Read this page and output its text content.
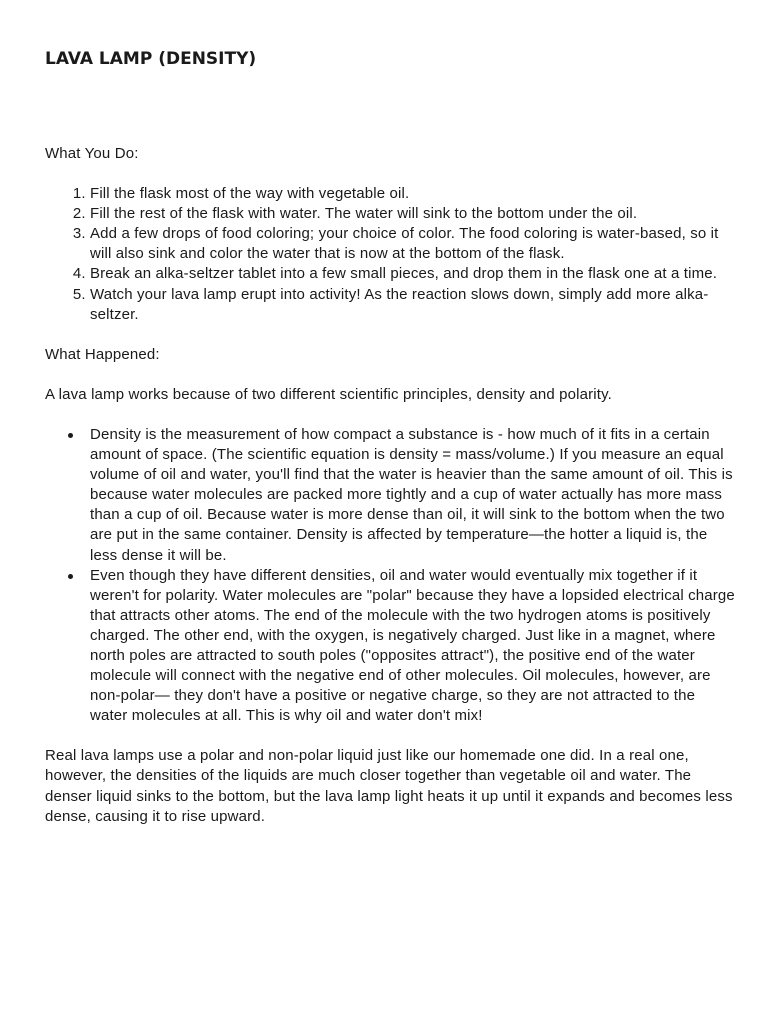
LAVA LAMP (DENSITY)

What You Do:

1. Fill the flask most of the way with vegetable oil.
2. Fill the rest of the flask with water. The water will sink to the bottom under the oil.
3. Add a few drops of food coloring; your choice of color. The food coloring is water-based, so it will also sink and color the water that is now at the bottom of the flask.
4. Break an alka-seltzer tablet into a few small pieces, and drop them in the flask one at a time.
5. Watch your lava lamp erupt into activity! As the reaction slows down, simply add more alka-seltzer.

What Happened:

A lava lamp works because of two different scientific principles, density and polarity.

Density is the measurement of how compact a substance is - how much of it fits in a certain amount of space. (The scientific equation is density = mass/volume.) If you measure an equal volume of oil and water, you'll find that the water is heavier than the same amount of oil. This is because water molecules are packed more tightly and a cup of water actually has more mass than a cup of oil. Because water is more dense than oil, it will sink to the bottom when the two are put in the same container. Density is affected by temperature—the hotter a liquid is, the less dense it will be.
Even though they have different densities, oil and water would eventually mix together if it weren't for polarity. Water molecules are "polar" because they have a lopsided electrical charge that attracts other atoms. The end of the molecule with the two hydrogen atoms is positively charged. The other end, with the oxygen, is negatively charged. Just like in a magnet, where north poles are attracted to south poles ("opposites attract"), the positive end of the water molecule will connect with the negative end of other molecules. Oil molecules, however, are non-polar— they don't have a positive or negative charge, so they are not attracted to the water molecules at all. This is why oil and water don't mix!

Real lava lamps use a polar and non-polar liquid just like our homemade one did. In a real one, however, the densities of the liquids are much closer together than vegetable oil and water. The denser liquid sinks to the bottom, but the lava lamp light heats it up until it expands and becomes less dense, causing it to rise upward.
